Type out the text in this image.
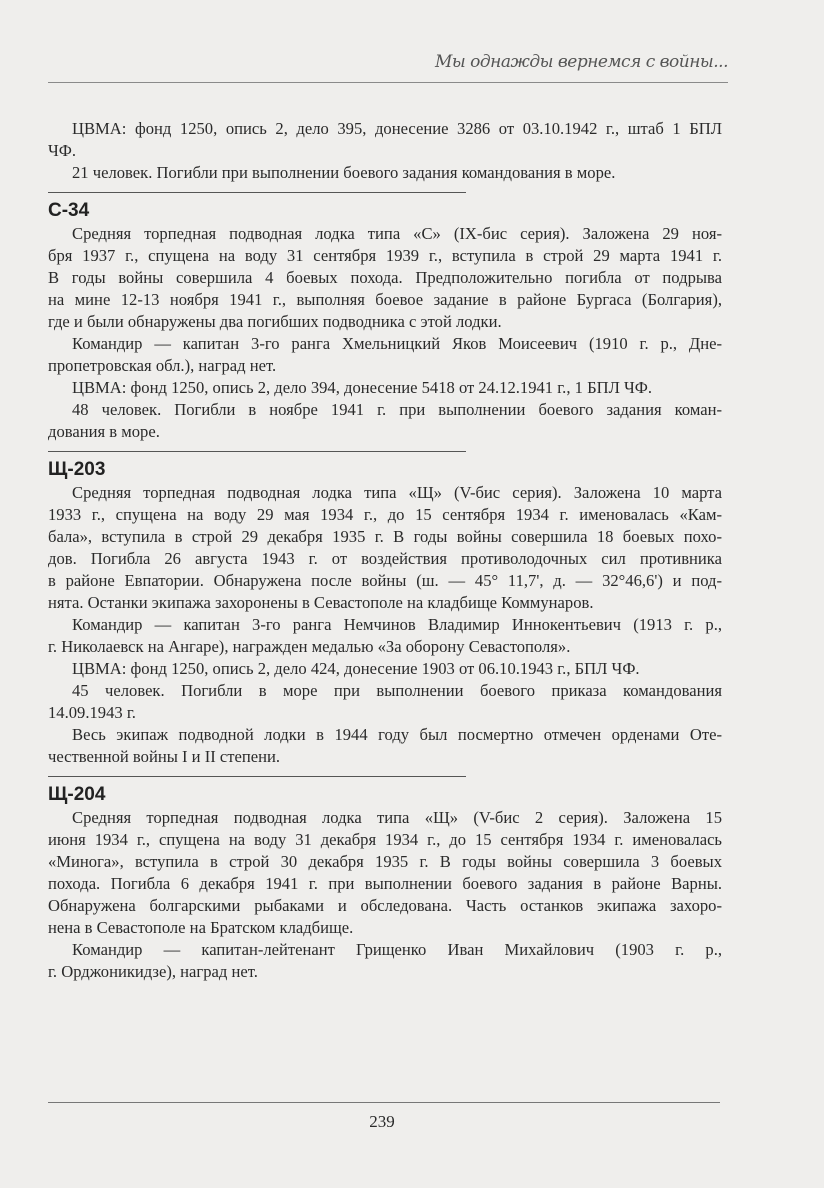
Мы однажды вернемся с войны...
ЦВМА: фонд 1250, опись 2, дело 395, донесение 3286 от 03.10.1942 г., штаб 1 БПЛ
ЧФ.
21 человек. Погибли при выполнении боевого задания командования в море.
С-34
Средняя торпедная подводная лодка типа «С» (IX-бис серия). Заложена 29 ноя-
бря 1937 г., спущена на воду 31 сентября 1939 г., вступила в строй 29 марта 1941 г.
В годы войны совершила 4 боевых похода. Предположительно погибла от подрыва
на мине 12-13 ноября 1941 г., выполняя боевое задание в районе Бургаса (Болгария),
где и были обнаружены два погибших подводника с этой лодки.
Командир — капитан 3-го ранга Хмельницкий Яков Моисеевич (1910 г. р., Дне-
пропетровская обл.), наград нет.
ЦВМА: фонд 1250, опись 2, дело 394, донесение 5418 от 24.12.1941 г., 1 БПЛ ЧФ.
48 человек. Погибли в ноябре 1941 г. при выполнении боевого задания коман-
дования в море.
Щ-203
Средняя торпедная подводная лодка типа «Щ» (V-бис серия). Заложена 10 марта
1933 г., спущена на воду 29 мая 1934 г., до 15 сентября 1934 г. именовалась «Кам-
бала», вступила в строй 29 декабря 1935 г. В годы войны совершила 18 боевых похо-
дов. Погибла 26 августа 1943 г. от воздействия противолодочных сил противника
в районе Евпатории. Обнаружена после войны (ш. — 45° 11,7', д. — 32°46,6') и под-
нята. Останки экипажа захоронены в Севастополе на кладбище Коммунаров.
Командир — капитан 3-го ранга Немчинов Владимир Иннокентьевич (1913 г. р.,
г. Николаевск на Ангаре), награжден медалью «За оборону Севастополя».
ЦВМА: фонд 1250, опись 2, дело 424, донесение 1903 от 06.10.1943 г., БПЛ ЧФ.
45 человек. Погибли в море при выполнении боевого приказа командования
14.09.1943 г.
Весь экипаж подводной лодки в 1944 году был посмертно отмечен орденами Оте-
чественной войны I и II степени.
Щ-204
Средняя торпедная подводная лодка типа «Щ» (V-бис 2 серия). Заложена 15
июня 1934 г., спущена на воду 31 декабря 1934 г., до 15 сентября 1934 г. именовалась
«Минога», вступила в строй 30 декабря 1935 г. В годы войны совершила 3 боевых
похода. Погибла 6 декабря 1941 г. при выполнении боевого задания в районе Варны.
Обнаружена болгарскими рыбаками и обследована. Часть останков экипажа захоро-
нена в Севастополе на Братском кладбище.
Командир — капитан-лейтенант Грищенко Иван Михайлович (1903 г. р.,
г. Орджоникидзе), наград нет.
239
